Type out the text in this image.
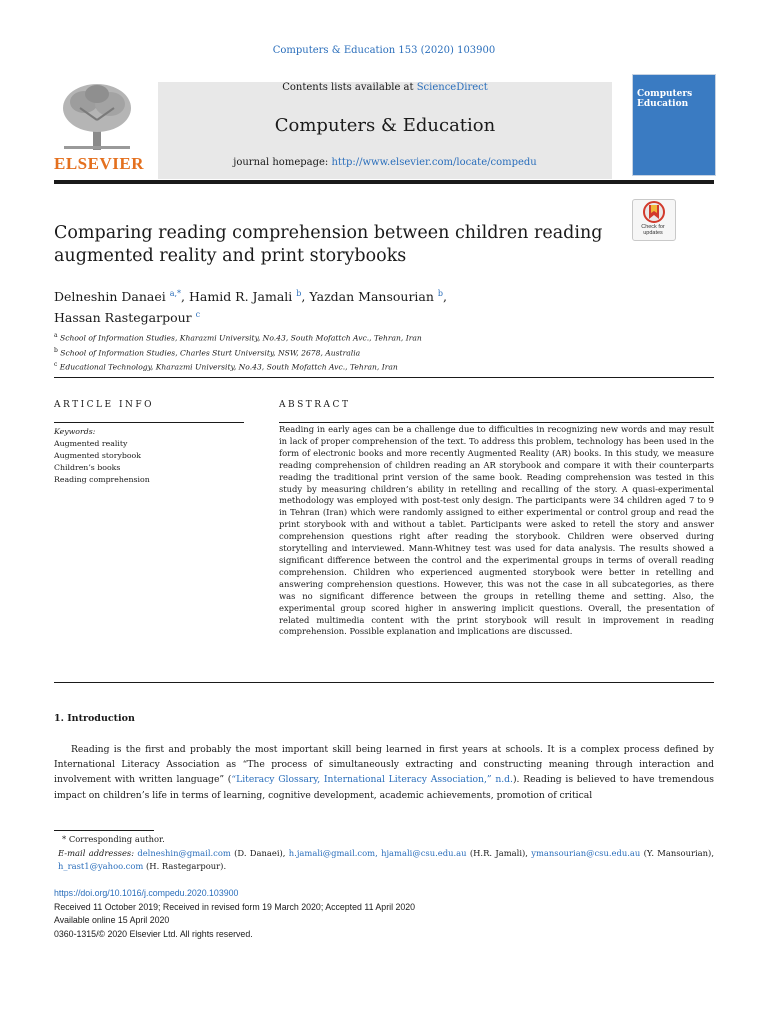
Computers & Education 153 (2020) 103900
ELSEVIER
Contents lists available at ScienceDirect
Computers & Education
journal homepage: http://www.elsevier.com/locate/compedu
Computers
Education
Check for
updates
Comparing reading comprehension between children reading
augmented reality and print storybooks
Delneshin Danaei $^{a,*}$, Hamid R. Jamali $^b$, Yazdan Mansourian $^b$,
Hassan Rastegarpour $^c$
$^a$ School of Information Studies, Kharazmi University, No.43, South Mofattch Avc., Tehran, Iran
$^b$ School of Information Studies, Charles Sturt University, NSW, 2678, Australia
$^c$ Educational Technology, Kharazmi University, No.43, South Mofattch Avc., Tehran, Iran
ARTICLE INFO
Keywords:
Augmented reality
Augmented storybook
Children’s books
Reading comprehension
ABSTRACT
Reading in early ages can be a challenge due to difficulties in recognizing new words and may result in lack of proper comprehension of the text. To address this problem, technology has been used in the form of electronic books and more recently Augmented Reality (AR) books. In this study, we measure reading comprehension of children reading an AR storybook and compare it with their counterparts reading the traditional print version of the same book. Reading comprehension was tested in this study by measuring children’s ability in retelling and recalling of the story. A quasi-experimental methodology was employed with post-test only design. The participants were 34 children aged 7 to 9 in Tehran (Iran) which were randomly assigned to either experimental or control group and read the print storybook with and without a tablet. Participants were asked to retell the story and answer comprehension questions right after reading the storybook. Children were observed during storytelling and interviewed. Mann-Whitney test was used for data analysis. The results showed a significant difference between the control and the experimental groups in terms of overall reading comprehension. Children who experienced augmented storybook were better in retelling and answering comprehension questions. However, this was not the case in all subcategories, as there was no significant difference between the groups in retelling theme and setting. Also, the experimental group scored higher in answering implicit questions. Overall, the presentation of related multimedia content with the print storybook will result in improvement in reading comprehension. Possible explanation and implications are discussed.
1. Introduction
Reading is the first and probably the most important skill being learned in first years at schools. It is a complex process defined by International Literacy Association as “The process of simultaneously extracting and constructing meaning through interaction and involvement with written language” (“Literacy Glossary, International Literacy Association,” n.d.). Reading is believed to have tremendous impact on children’s life in terms of learning, cognitive development, academic achievements, promotion of critical
* Corresponding author.
E-mail addresses: delneshin@gmail.com (D. Danaei), h.jamali@gmail.com, hjamali@csu.edu.au (H.R. Jamali), ymansourian@csu.edu.au (Y. Mansourian), h_rast1@yahoo.com (H. Rastegarpour).
https://doi.org/10.1016/j.compedu.2020.103900
Received 11 October 2019; Received in revised form 19 March 2020; Accepted 11 April 2020
Available online 15 April 2020
0360-1315/© 2020 Elsevier Ltd. All rights reserved.
